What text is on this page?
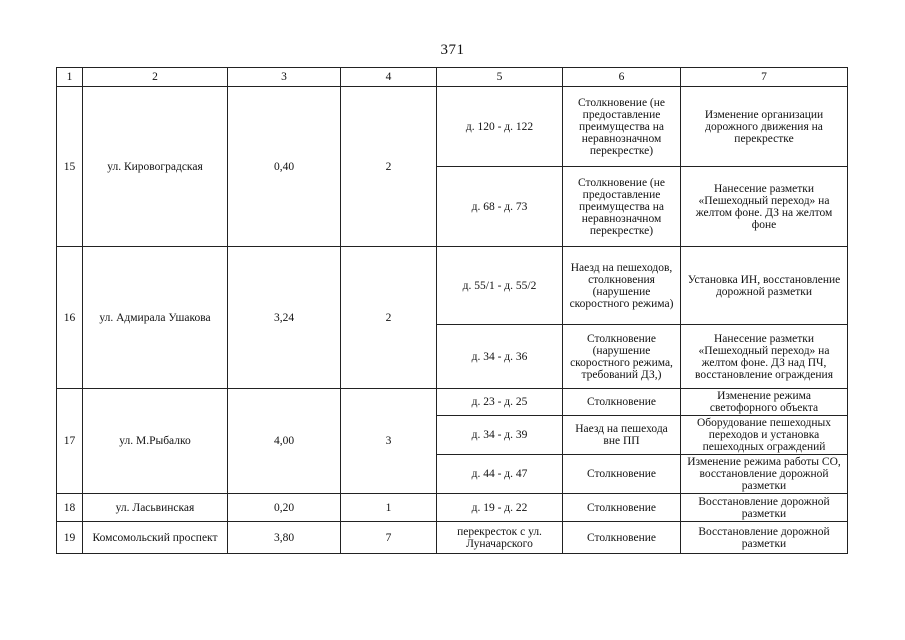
371
1	2	3	4	5	6	7
15	ул. Кировоградская	0,40	2	д. 120 - д. 122	Столкновение (не предоставление преимущества на неравнозначном перекрестке)	Изменение организации дорожного движения на перекрестке
				д. 68 - д. 73	Столкновение (не предоставление преимущества на неравнозначном перекрестке)	Нанесение разметки «Пешеходный переход» на желтом фоне. ДЗ на желтом фоне
16	ул. Адмирала Ушакова	3,24	2	д. 55/1 - д. 55/2	Наезд на пешеходов, столкновения (нарушение скоростного режима)	Установка ИН, восстановление дорожной разметки
				д. 34 - д. 36	Столкновение (нарушение скоростного режима, требований ДЗ,)	Нанесение разметки «Пешеходный переход» на желтом фоне. ДЗ над ПЧ, восстановление ограждения
17	ул. М.Рыбалко	4,00	3	д. 23 - д. 25	Столкновение	Изменение режима светофорного объекта
				д. 34 - д. 39	Наезд на пешехода вне ПП	Оборудование пешеходных переходов и установка пешеходных ограждений
				д. 44 - д. 47	Столкновение	Изменение режима работы СО, восстановление дорожной разметки
18	ул. Ласьвинская	0,20	1	д. 19 - д. 22	Столкновение	Восстановление дорожной разметки
19	Комсомольский проспект	3,80	7	перекресток с ул. Луначарского	Столкновение	Восстановление дорожной разметки
